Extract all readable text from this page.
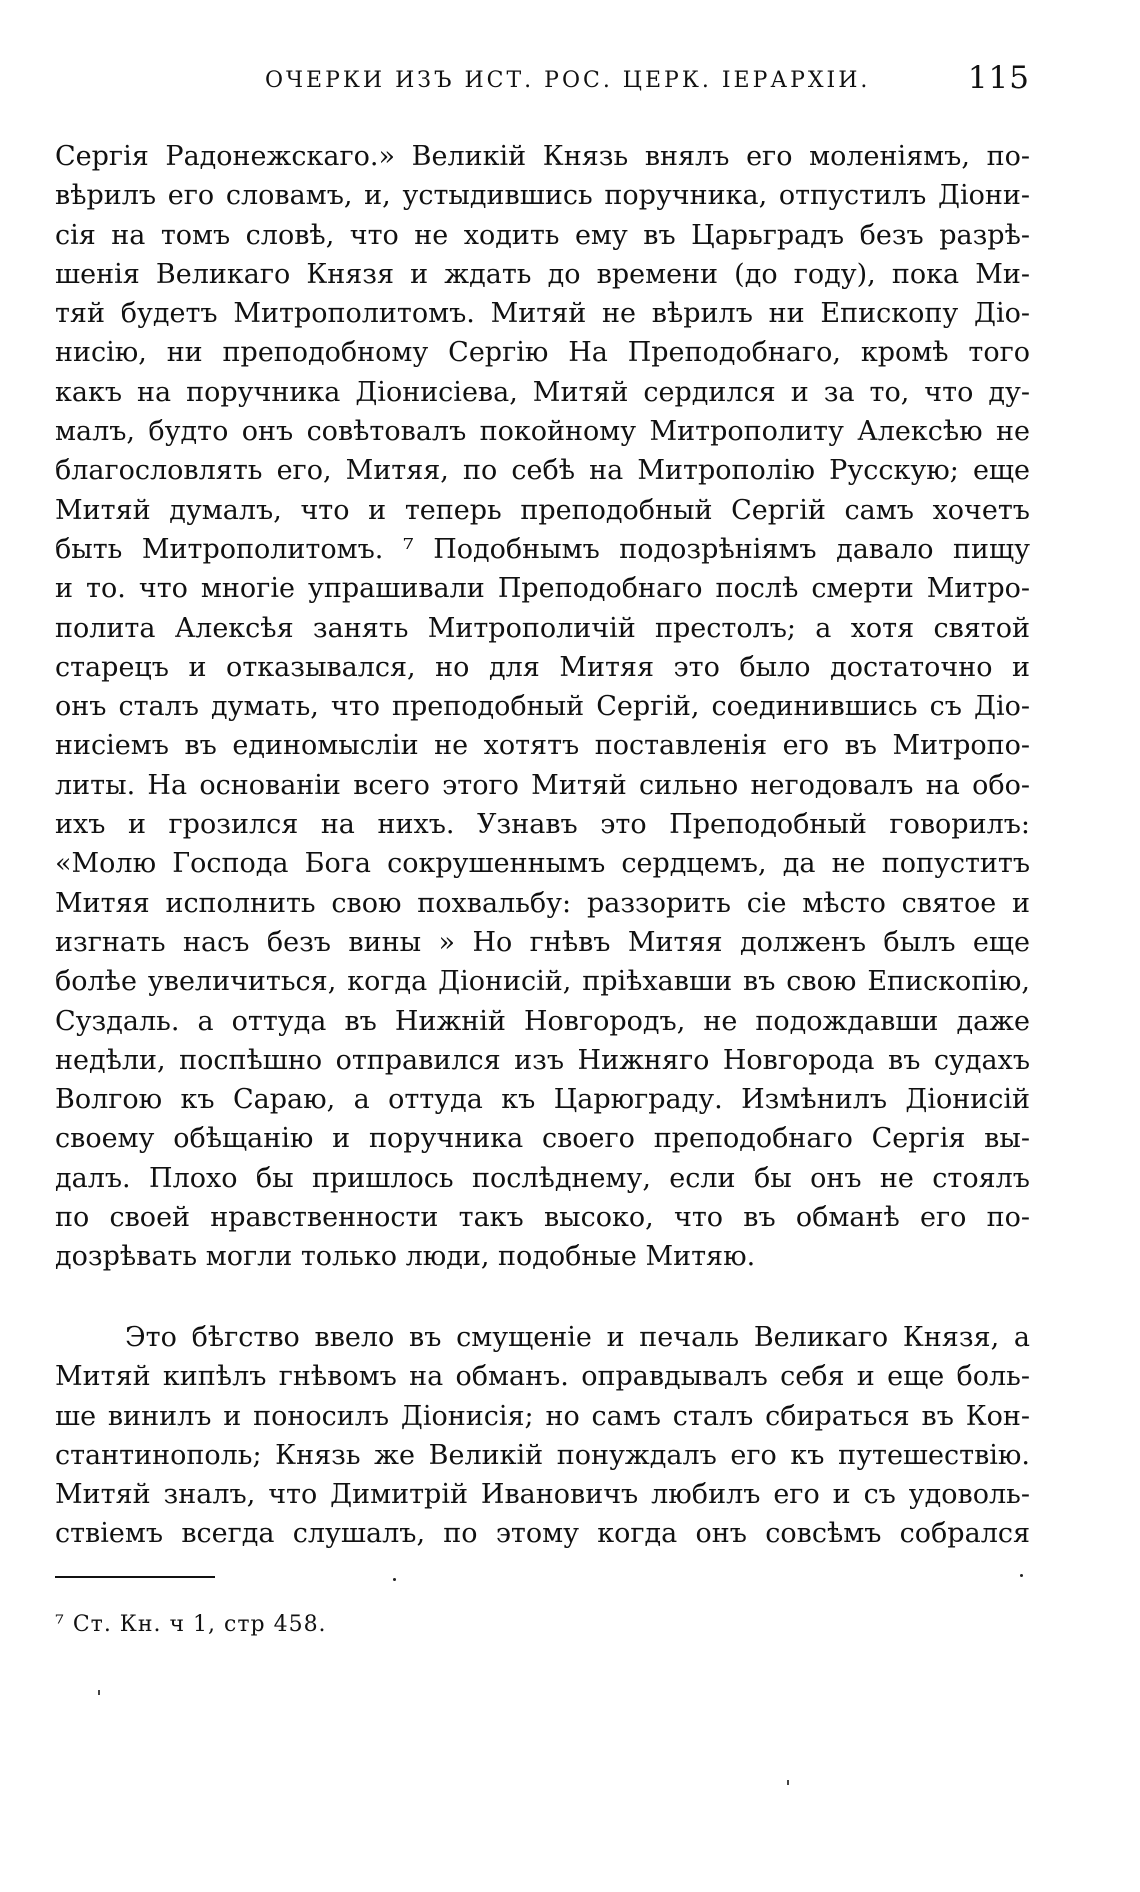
ОЧЕРКИ ИЗЪ ИСТ. РОС. ЦЕРК. ІЕРАРХІИ.	115
Сергія Радонежскаго.» Великій Князь внялъ его моленіямъ, по-
вѣрилъ его словамъ, и, устыдившись поручника, отпустилъ Діони-
сія на томъ словѣ, что не ходить ему въ Царьградъ безъ разрѣ-
шенія Великаго Князя и ждать до времени (до году), пока Ми-
тяй будетъ Митрополитомъ. Митяй не вѣрилъ ни Епископу Діо-
нисію, ни преподобному Сергію На Преподобнаго, кромѣ того
какъ на поручника Діонисіева, Митяй сердился и за то, что ду-
малъ, будто онъ совѣтовалъ покойному Митрополиту Алексѣю не
благословлять его, Митяя, по себѣ на Митрополію Русскую; еще
Митяй думалъ, что и теперь преподобный Сергій самъ хочетъ
быть Митрополитомъ. ⁷ Подобнымъ подозрѣніямъ давало пищу
и то. что многіе упрашивали Преподобнаго послѣ смерти Митро-
полита Алексѣя занять Митрополичій престолъ; а хотя святой
старецъ и отказывался, но для Митяя это было достаточно и
онъ сталъ думать, что преподобный Сергій, соединившись съ Діо-
нисіемъ въ единомысліи не хотятъ поставленія его въ Митропо-
литы. На основаніи всего этого Митяй сильно негодовалъ на обо-
ихъ и грозился на нихъ. Узнавъ это Преподобный говорилъ:
«Молю Господа Бога сокрушеннымъ сердцемъ, да не попуститъ
Митяя исполнить свою похвальбу: раззорить сіе мѣсто святое и
изгнать насъ безъ вины » Но гнѣвъ Митяя долженъ былъ еще
болѣе увеличиться, когда Діонисій, пріѣхавши въ свою Епископію,
Суздаль. а оттуда въ Нижній Новгородъ, не подождавши даже
недѣли, поспѣшно отправился изъ Нижняго Новгорода въ судахъ
Волгою къ Сараю, а оттуда къ Царюграду. Измѣнилъ Діонисій
своему обѣщанію и поручника своего преподобнаго Сергія вы-
далъ. Плохо бы пришлось послѣднему, если бы онъ не стоялъ
по своей нравственности такъ высоко, что въ обманѣ его по-
дозрѣвать могли только люди, подобные Митяю.
Это бѣгство ввело въ смущеніе и печаль Великаго Князя, а
Митяй кипѣлъ гнѣвомъ на обманъ. оправдывалъ себя и еще боль-
ше винилъ и поносилъ Діонисія; но самъ сталъ сбираться въ Кон-
стантинополь; Князь же Великій понуждалъ его къ путешествію.
Митяй зналъ, что Димитрій Ивановичъ любилъ его и съ удоволь-
ствіемъ всегда слушалъ, по этому когда онъ совсѣмъ собрался
⁷ Ст. Кн. ч 1, стр 458.
